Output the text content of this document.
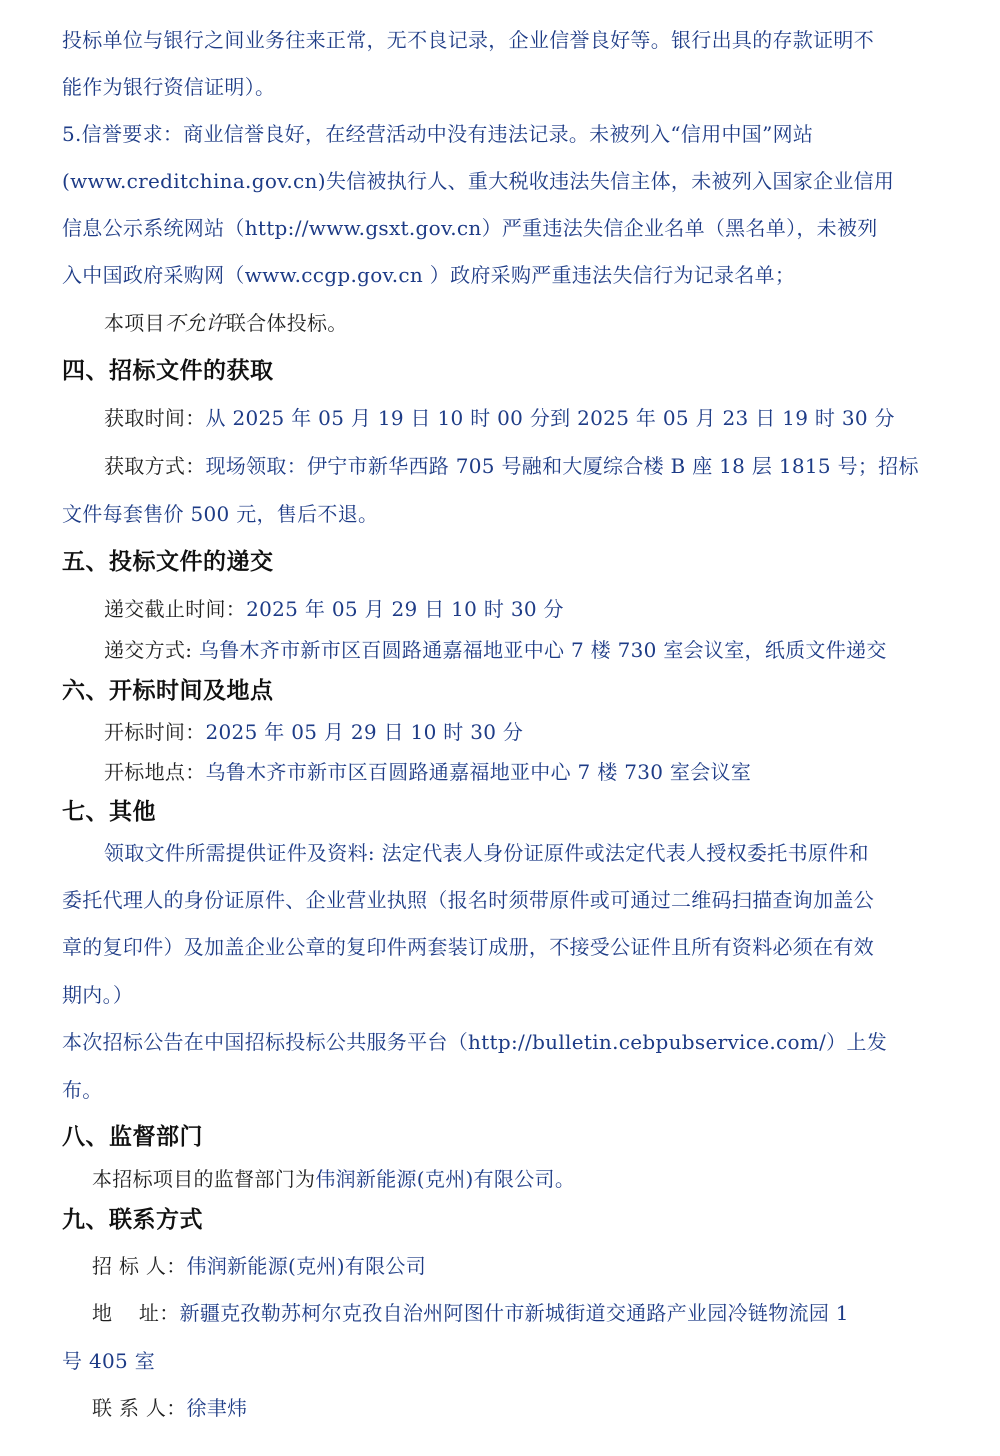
投标单位与银行之间业务往来正常，无不良记录，企业信誉良好等。银行出具的存款证明不

能作为银行资信证明）。

5.信誉要求：商业信誉良好，在经营活动中没有违法记录。未被列入“信用中国”网站

(www.creditchina.gov.cn)失信被执行人、重大税收违法失信主体，未被列入国家企业信用

信息公示系统网站（http://www.gsxt.gov.cn）严重违法失信企业名单（黑名单），未被列

入中国政府采购网（www.ccgp.gov.cn ）政府采购严重违法失信行为记录名单；

本项目不允许联合体投标。

四、招标文件的获取

获取时间：从 2025 年 05 月 19 日 10 时 00 分到 2025 年 05 月 23 日 19 时 30 分

获取方式：现场领取：伊宁市新华西路 705 号融和大厦综合楼 B 座 18 层 1815 号；招标

文件每套售价 500 元，售后不退。

五、投标文件的递交

递交截止时间：2025 年 05 月 29 日 10 时 30 分

递交方式: 乌鲁木齐市新市区百圆路通嘉福地亚中心 7 楼 730 室会议室，纸质文件递交

六、开标时间及地点

开标时间：2025 年 05 月 29 日 10 时 30 分

开标地点：乌鲁木齐市新市区百圆路通嘉福地亚中心 7 楼 730 室会议室

七、其他

领取文件所需提供证件及资料: 法定代表人身份证原件或法定代表人授权委托书原件和

委托代理人的身份证原件、企业营业执照（报名时须带原件或可通过二维码扫描查询加盖公

章的复印件）及加盖企业公章的复印件两套装订成册，不接受公证件且所有资料必须在有效

期内。）

本次招标公告在中国招标投标公共服务平台（http://bulletin.cebpubservice.com/）上发

布。

八、监督部门

本招标项目的监督部门为伟润新能源(克州)有限公司。

九、联系方式

招 标 人：伟润新能源(克州)有限公司

地    址：新疆克孜勒苏柯尔克孜自治州阿图什市新城街道交通路产业园冷链物流园 1

号 405 室

联 系 人：徐聿炜
